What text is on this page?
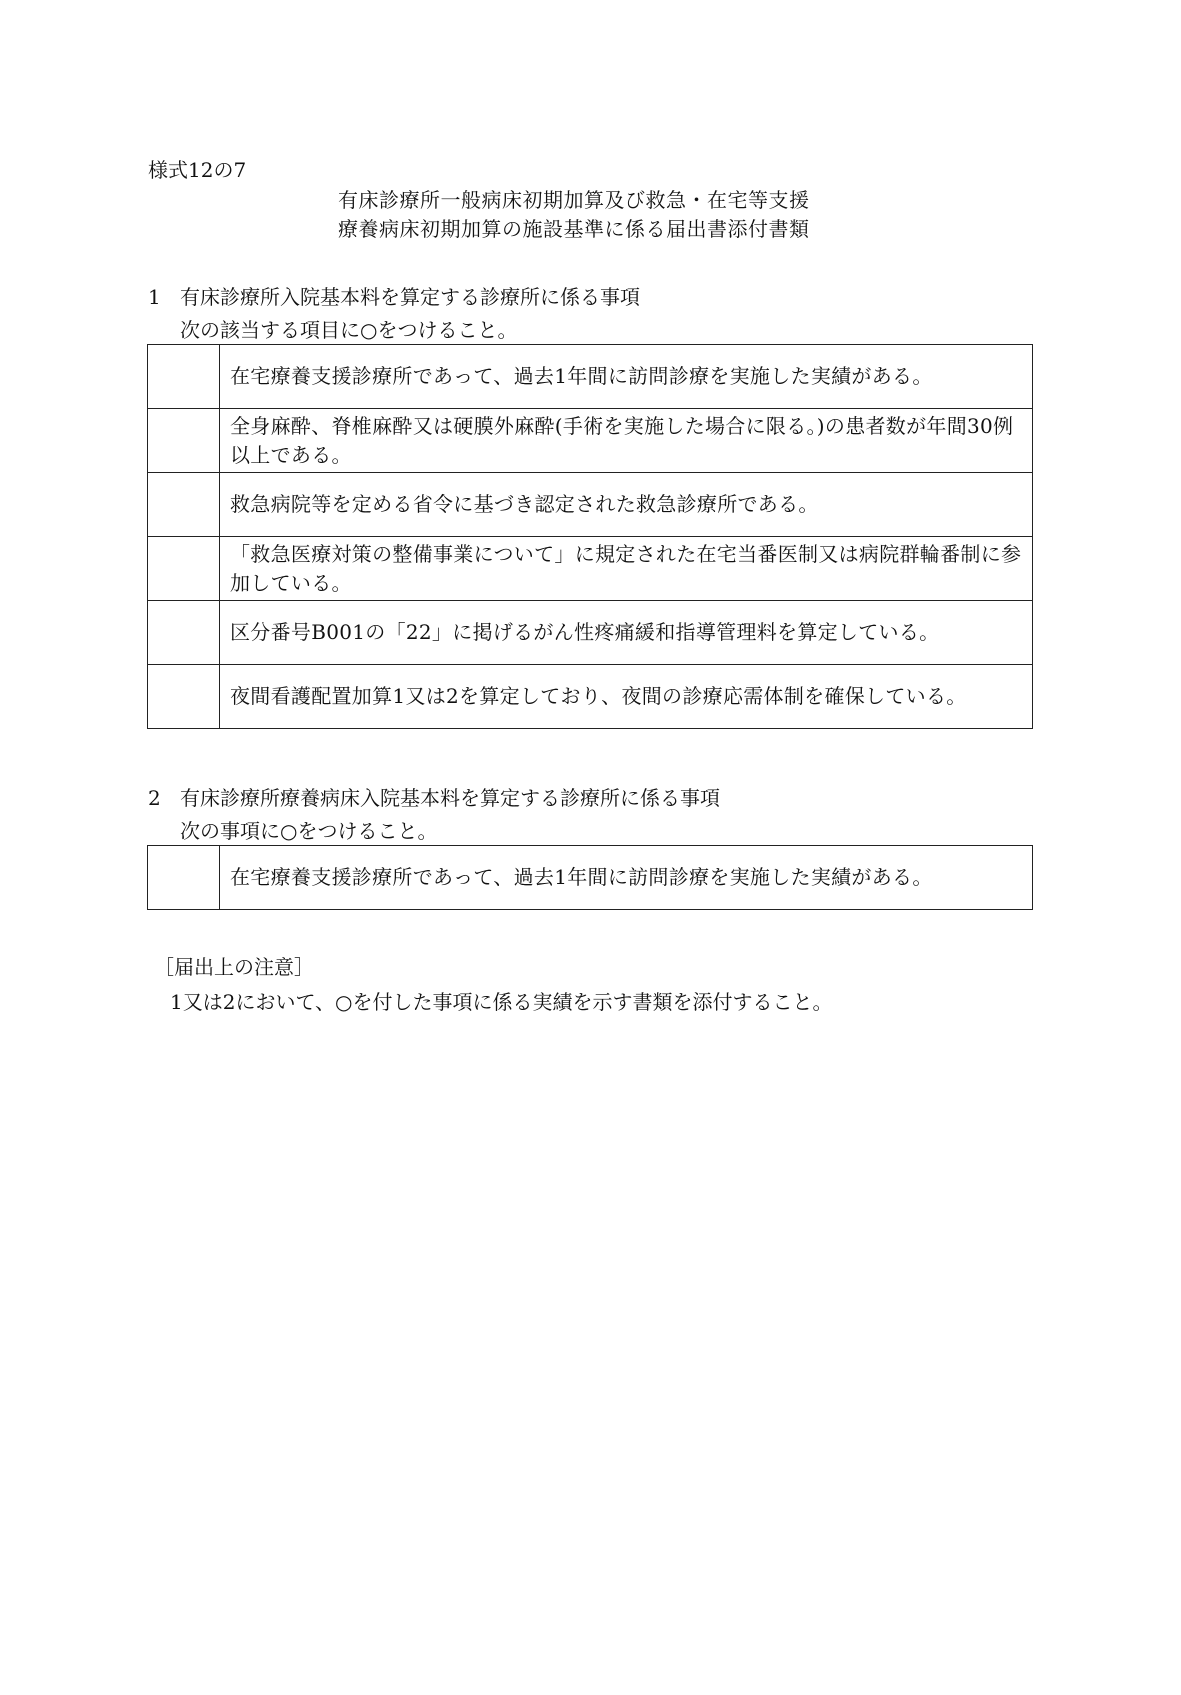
様式12の7
有床診療所一般病床初期加算及び救急・在宅等支援
療養病床初期加算の施設基準に係る届出書添付書類
1 有床診療所入院基本料を算定する診療所に係る事項
次の該当する項目に○をつけること。
	在宅療養支援診療所であって、過去1年間に訪問診療を実施した実績がある。
	全身麻酔、脊椎麻酔又は硬膜外麻酔(手術を実施した場合に限る。)の患者数が年間30例以上である。
	救急病院等を定める省令に基づき認定された救急診療所である。
	「救急医療対策の整備事業について」に規定された在宅当番医制又は病院群輪番制に参加している。
	区分番号B001の「22」に掲げるがん性疼痛緩和指導管理料を算定している。
	夜間看護配置加算1又は2を算定しており、夜間の診療応需体制を確保している。
2 有床診療所療養病床入院基本料を算定する診療所に係る事項
次の事項に○をつけること。
	在宅療養支援診療所であって、過去1年間に訪問診療を実施した実績がある。
［届出上の注意］
1又は2において、○を付した事項に係る実績を示す書類を添付すること。
